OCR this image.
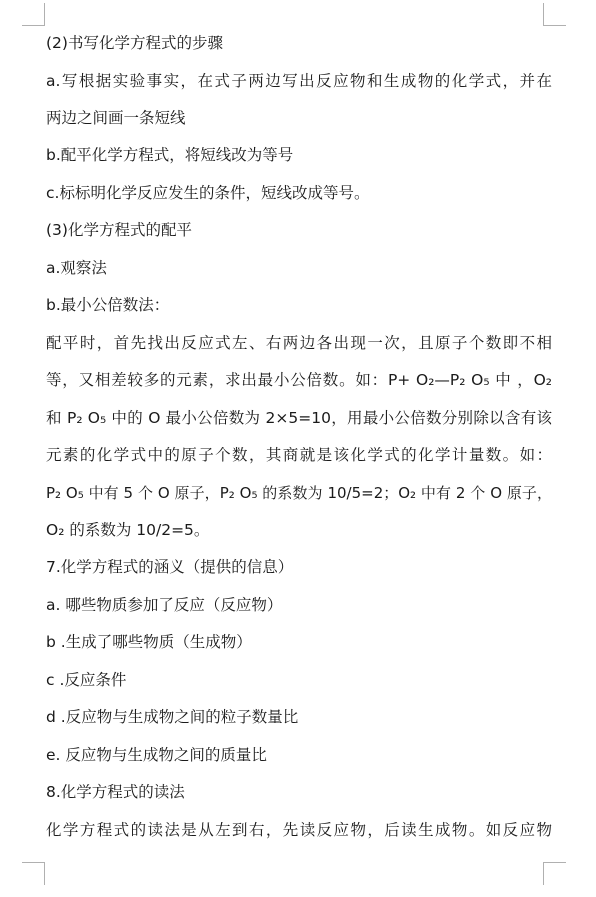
(2)书写化学方程式的步骤
a.写根据实验事实，在式子两边写出反应物和生成物的化学式，并在
两边之间画一条短线
b.配平化学方程式，将短线改为等号
c.标标明化学反应发生的条件，短线改成等号。
(3)化学方程式的配平
a.观察法
b.最小公倍数法：
配平时，首先找出反应式左、右两边各出现一次，且原子个数即不相
等，又相差较多的元素，求出最小公倍数。如：P+ O₂—P₂ O₅ 中 ，O₂
和 P₂ O₅ 中的 O 最小公倍数为 2×5=10，用最小公倍数分别除以含有该
元素的化学式中的原子个数，其商就是该化学式的化学计量数。如：
P₂ O₅ 中有 5 个 O 原子，P₂ O₅ 的系数为 10/5=2；O₂ 中有 2 个 O 原子，
O₂ 的系数为 10/2=5。
7.化学方程式的涵义（提供的信息）
a. 哪些物质参加了反应（反应物）
b .生成了哪些物质（生成物）
c .反应条件
d .反应物与生成物之间的粒子数量比
e. 反应物与生成物之间的质量比
8.化学方程式的读法
化学方程式的读法是从左到右，先读反应物，后读生成物。如反应物
